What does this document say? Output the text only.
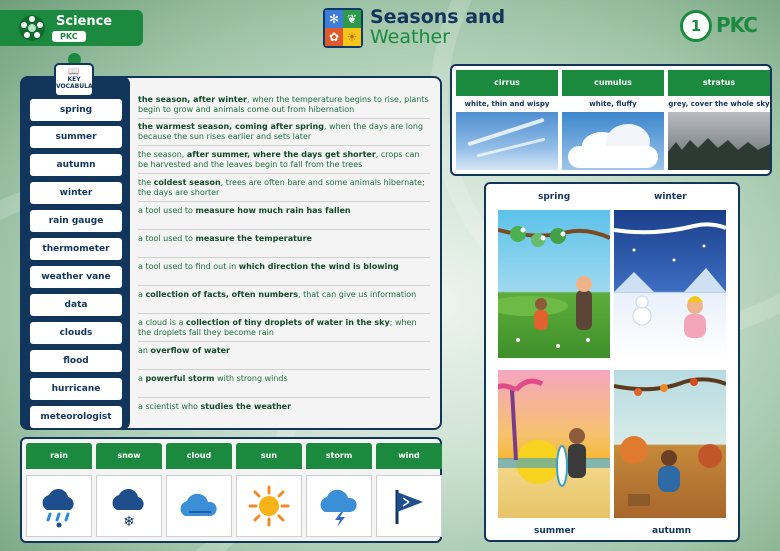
Science
PKC
✻ ❦
✿ ☀
Seasons and
Weather	1 PKC
📖
KEY
VOCABULARY
spring
the season, after winter, when the temperature begins to rise, plants begin to grow and animals come out from hibernation
summer
the warmest season, coming after spring, when the days are long because the sun rises earlier and sets later
autumn
the season, after summer, where the days get shorter, crops can be harvested and the leaves begin to fall from the trees
winter
the coldest season, trees are often bare and some animals hibernate; the days are shorter
rain gauge
a tool used to measure how much rain has fallen
thermometer
a tool used to measure the temperature
weather vane
a tool used to find out in which direction the wind is blowing
data
a collection of facts, often numbers, that can give us information
clouds
a cloud is a collection of tiny droplets of water in the sky; when the droplets fall they become rain
flood
an overflow of water
hurricane
a powerful storm with strong winds
meteorologist
a scientist who studies the weather
cirrus
white, thin and wispy
cumulus
white, fluffy
stratus
grey, cover the whole sky
spring	winter
summer	autumn
rain	snow
❄
cloud	sun	storm	wind
